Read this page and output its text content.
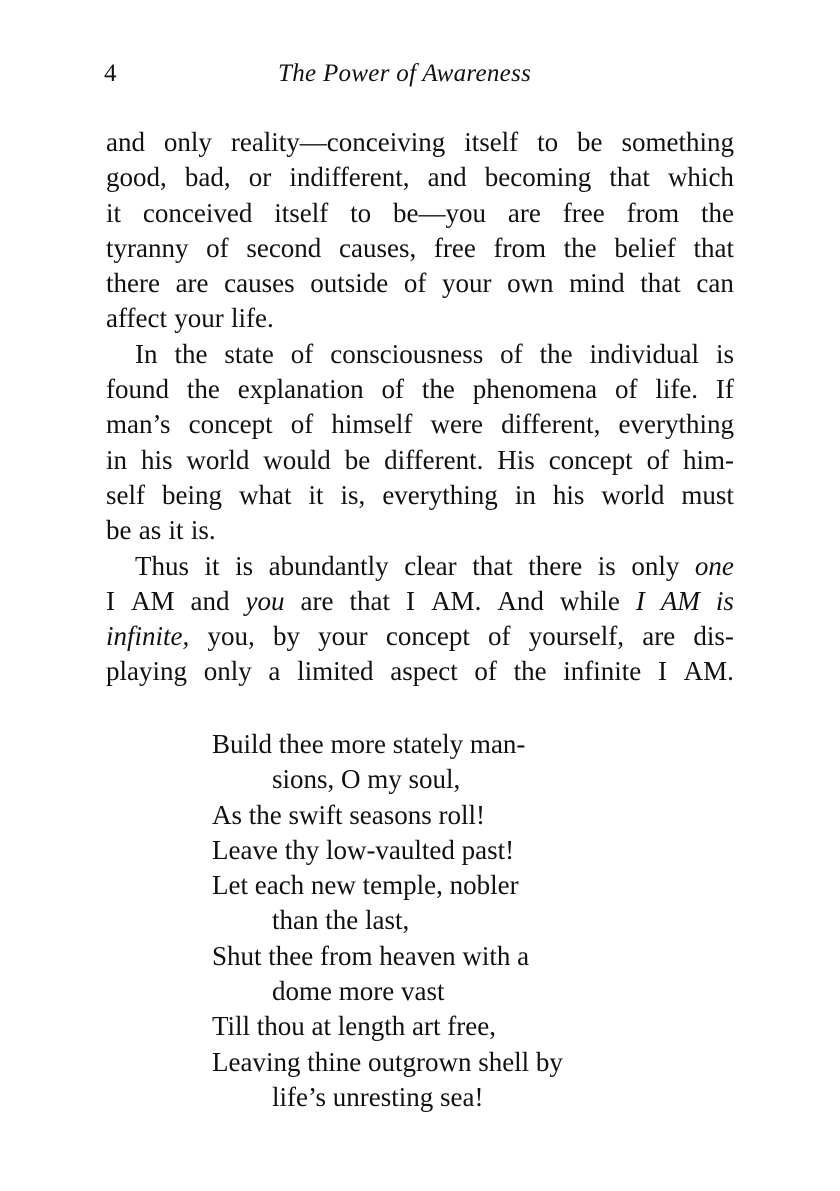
4	The Power of Awareness
and only reality—conceiving itself to be something
good, bad, or indifferent, and becoming that which
it conceived itself to be—you are free from the
tyranny of second causes, free from the belief that
there are causes outside of your own mind that can
affect your life.
In the state of consciousness of the individual is
found the explanation of the phenomena of life. If
man’s concept of himself were different, everything
in his world would be different. His concept of him-
self being what it is, everything in his world must
be as it is.
Thus it is abundantly clear that there is only one
I AM and you are that I AM. And while I AM is
infinite, you, by your concept of yourself, are dis-
playing only a limited aspect of the infinite I AM.
Build thee more stately man-
sions, O my soul,
As the swift seasons roll!
Leave thy low-vaulted past!
Let each new temple, nobler
than the last,
Shut thee from heaven with a
dome more vast
Till thou at length art free,
Leaving thine outgrown shell by
life’s unresting sea!
